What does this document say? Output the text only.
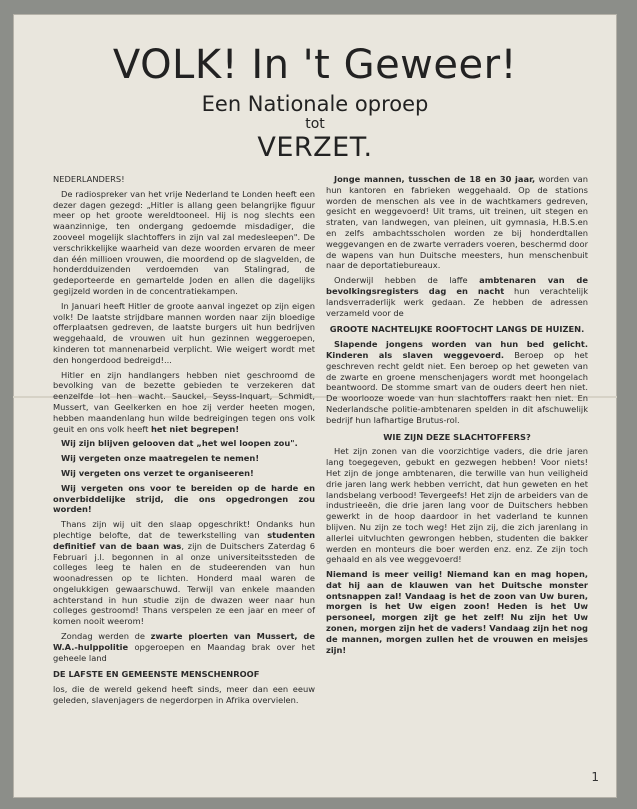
VOLK! In 't Geweer!
Een Nationale oproep
tot
VERZET.

NEDERLANDERS!

De radiospreker van het vrije Nederland te Londen heeft een dezer dagen gezegd: „Hitler is allang geen belangrijke figuur meer op het groote wereldtooneel. Hij is nog slechts een waanzinnige, ten ondergang gedoemde misdadiger, die zooveel mogelijk slachtoffers in zijn val zal medesleepen". De verschrikkelijke waarheid van deze woorden ervaren de meer dan één millioen vrouwen, die moordend op de slagvelden, de honderdduizenden verdoemden van Stalingrad, de gedeporteerde en gemartelde Joden en allen die dagelijks gegijzeld worden in de concentratiekampen.

In Januari heeft Hitler de groote aanval ingezet op zijn eigen volk! De laatste strijdbare mannen worden naar zijn bloedige offerplaatsen gedreven, de laatste burgers uit hun bedrijven weggehaald, de vrouwen uit hun gezinnen weggeroepen, kinderen tot mannenarbeid verplicht. Wie weigert wordt met den hongerdood bedreigd!...

Hitler en zijn handlangers hebben niet geschroomd de bevolking van de bezette gebieden te verzekeren dat eenzelfde lot hen wacht. Sauckel, Seyss-Inquart, Schmidt, Mussert, van Geelkerken en hoe zij verder heeten mogen, hebben maandenlang hun wilde bedreigingen tegen ons volk geuit en ons volk heeft het niet begrepen!

Wij zijn blijven gelooven dat „het wel loopen zou".

Wij vergeten onze maatregelen te nemen!

Wij vergeten ons verzet te organiseeren!

Wij vergeten ons voor te bereiden op de harde en onverbiddelijke strijd, die ons opgedrongen zou worden!

Thans zijn wij uit den slaap opgeschrikt! Ondanks hun plechtige belofte, dat de tewerkstelling van studenten definitief van de baan was, zijn de Duitschers Zaterdag 6 Februari j.l. begonnen in al onze universiteitssteden de colleges leeg te halen en de studeerenden van hun woonadressen op te lichten. Honderd maal waren de ongelukkigen gewaarschuwd. Terwijl van enkele maanden achterstand in hun studie zijn de dwazen weer naar hun colleges gestroomd! Thans verspelen ze een jaar en meer of komen nooit weerom!

Zondag werden de zwarte ploerten van Mussert, de W.A.-hulppolitie opgeroepen en Maandag brak over het geheele land

DE LAFSTE EN GEMEENSTE MENSCHENROOF

los, die de wereld gekend heeft sinds, meer dan een eeuw geleden, slavenjagers de negerdorpen in Afrika overvielen.

Jonge mannen, tusschen de 18 en 30 jaar, worden van hun kantoren en fabrieken weggehaald. Op de stations worden de menschen als vee in de wachtkamers gedreven, gesicht en weggevoerd! Uit trams, uit treinen, uit stegen en straten, van landwegen, van pleinen, uit gymnasia, H.B.S.en en zelfs ambachtsscholen worden ze bij honderdtallen weggevangen en de zwarte verraders voeren, beschermd door de wapens van hun Duitsche meesters, hun menschenbuit naar de deportatiebureaux.

Onderwijl hebben de laffe ambtenaren van de bevolkingsregisters dag en nacht hun verachtelijk landsverraderlijk werk gedaan. Ze hebben de adressen verzameld voor de

GROOTE NACHTELIJKE ROOFTOCHT LANGS DE HUIZEN.

Slapende jongens worden van hun bed gelicht. Kinderen als slaven weggevoerd. Beroep op het geschreven recht geldt niet. Een beroep op het geweten van de zwarte en groene menschenjagers wordt met hoongelach beantwoord. De stomme smart van de ouders deert hen niet. De woorlooze woede van hun slachtoffers raakt hen niet. En Nederlandsche politie-ambtenaren spelden in dit afschuwelijk bedrijf hun lafhartige Brutus-rol.

WIE ZIJN DEZE SLACHTOFFERS?

Het zijn zonen van die voorzichtige vaders, die drie jaren lang toegegeven, gebukt en gezwegen hebben! Voor niets! Het zijn de jonge ambtenaren, die terwille van hun veiligheid drie jaren lang werk hebben verricht, dat hun geweten en het landsbelang verbood! Tevergeefs! Het zijn de arbeiders van de industrieeën, die drie jaren lang voor de Duitschers hebben gewerkt in de hoop daardoor in het vaderland te kunnen blijven. Nu zijn ze toch weg! Het zijn zij, die zich jarenlang in allerlei uitvluchten gewrongen hebben, studenten die bakker werden en monteurs die boer werden enz. enz. Ze zijn toch gehaald en als vee weggevoerd!

Niemand is meer veilig! Niemand kan en mag hopen, dat hij aan de klauwen van het Duitsche monster ontsnappen zal! Vandaag is het de zoon van Uw buren, morgen is het Uw eigen zoon! Heden is het Uw personeel, morgen zijt ge het zelf! Nu zijn het Uw zonen, morgen zijn het de vaders! Vandaag zijn het nog de mannen, morgen zullen het de vrouwen en meisjes zijn!

1
